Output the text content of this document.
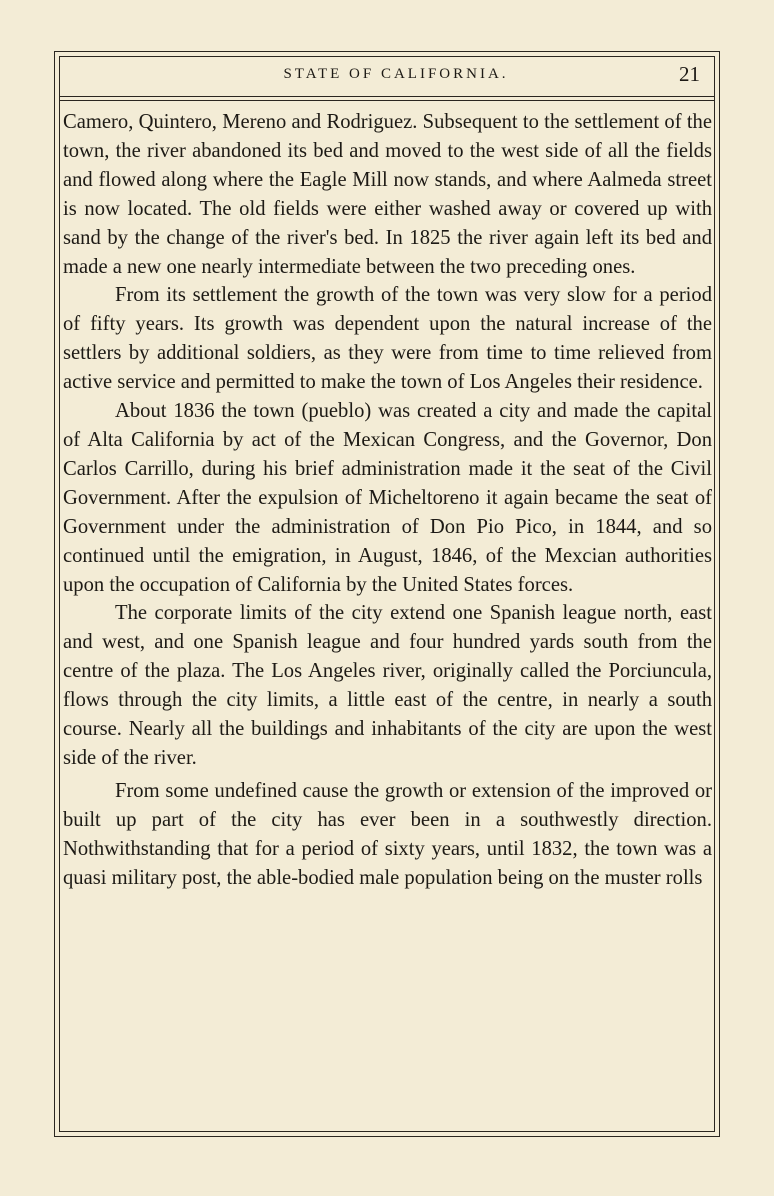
STATE OF CALIFORNIA.	21

Camero, Quintero, Mereno and Rodriguez. Subsequent to the settlement of the town, the river abandoned its bed and moved to the west side of all the fields and flowed along where the Eagle Mill now stands, and where Aalmeda street is now located. The old fields were either washed away or covered up with sand by the change of the river's bed. In 1825 the river again left its bed and made a new one nearly intermediate between the two preceding ones.

From its settlement the growth of the town was very slow for a period of fifty years. Its growth was dependent upon the natural increase of the settlers by additional soldiers, as they were from time to time relieved from active service and permitted to make the town of Los Angeles their residence.

About 1836 the town (pueblo) was created a city and made the capital of Alta California by act of the Mexican Congress, and the Governor, Don Carlos Carrillo, during his brief administration made it the seat of the Civil Government. After the expulsion of Micheltoreno it again became the seat of Government under the administration of Don Pio Pico, in 1844, and so continued until the emigration, in August, 1846, of the Mexcian authorities upon the occupation of California by the United States forces.

The corporate limits of the city extend one Spanish league north, east and west, and one Spanish league and four hundred yards south from the centre of the plaza. The Los Angeles river, originally called the Porciuncula, flows through the city limits, a little east of the centre, in nearly a south course. Nearly all the buildings and inhabitants of the city are upon the west side of the river.

From some undefined cause the growth or extension of the improved or built up part of the city has ever been in a southwestly direction. Nothwithstanding that for a period of sixty years, until 1832, the town was a quasi military post, the able-bodied male population being on the muster rolls
